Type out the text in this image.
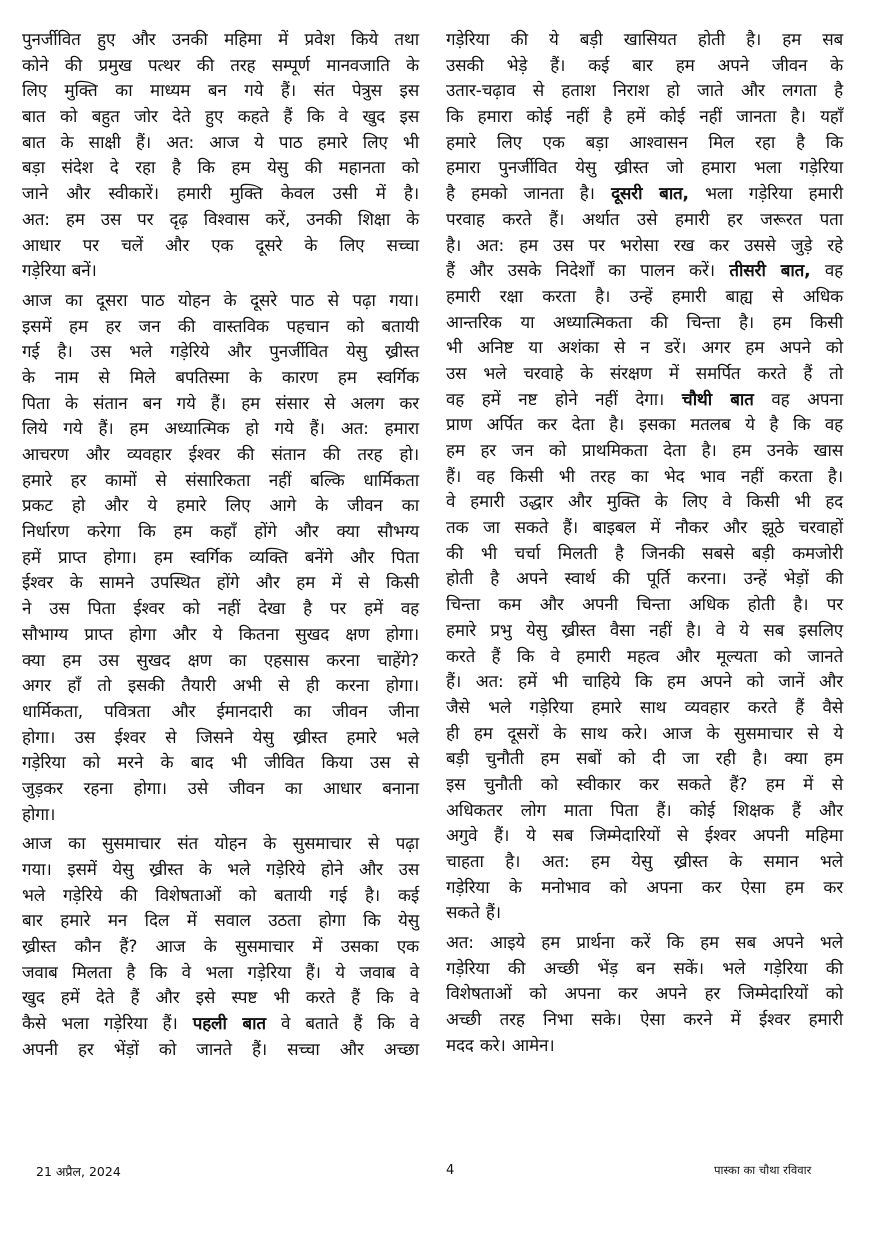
पुनर्जीवित हुए और उनकी महिमा में प्रवेश किये तथा
कोने की प्रमुख पत्थर की तरह सम्पूर्ण मानवजाति के
लिए मुक्ति का माध्यम बन गये हैं। संत पेत्रुस इस
बात को बहुत जोर देते हुए कहते हैं कि वे खुद इस
बात के साक्षी हैं। अत: आज ये पाठ हमारे लिए भी
बड़ा संदेश दे रहा है कि हम येसु की महानता को
जाने और स्वीकारें। हमारी मुक्ति केवल उसी में है।
अत: हम उस पर दृढ़ विश्वास करें, उनकी शिक्षा के
आधार पर चलें और एक दूसरे के लिए सच्चा
गड़ेरिया बनें।
आज का दूसरा पाठ योहन के दूसरे पाठ से पढ़ा गया।
इसमें हम हर जन की वास्तविक पहचान को बतायी
गई है। उस भले गड़ेरिये और पुनर्जीवित येसु ख्रीस्त
के नाम से मिले बपतिस्मा के कारण हम स्वर्गिक
पिता के संतान बन गये हैं। हम संसार से अलग कर
लिये गये हैं। हम अध्यात्मिक हो गये हैं। अत: हमारा
आचरण और व्यवहार ईश्वर की संतान की तरह हो।
हमारे हर कामों से संसारिकता नहीं बल्कि धार्मिकता
प्रकट हो और ये हमारे लिए आगे के जीवन का
निर्धारण करेगा कि हम कहाँ होंगे और क्या सौभग्य
हमें प्राप्त होगा। हम स्वर्गिक व्यक्ति बनेंगे और पिता
ईश्वर के सामने उपस्थित होंगे और हम में से किसी
ने उस पिता ईश्वर को नहीं देखा है पर हमें वह
सौभाग्य प्राप्त होगा और ये कितना सुखद क्षण होगा।
क्या हम उस सुखद क्षण का एहसास करना चाहेंगे?
अगर हाँ तो इसकी तैयारी अभी से ही करना होगा।
धार्मिकता, पवित्रता और ईमानदारी का जीवन जीना
होगा। उस ईश्वर से जिसने येसु ख्रीस्त हमारे भले
गड़ेरिया को मरने के बाद भी जीवित किया उस से
जुड़कर रहना होगा। उसे जीवन का आधार बनाना
होगा।
आज का सुसमाचार संत योहन के सुसमाचार से पढ़ा
गया। इसमें येसु ख्रीस्त के भले गड़ेरिये होने और उस
भले गड़ेरिये की विशेषताओं को बतायी गई है। कई
बार हमारे मन दिल में सवाल उठता होगा कि येसु
ख्रीस्त कौन हैं? आज के सुसमाचार में उसका एक
जवाब मिलता है कि वे भला गड़ेरिया हैं। ये जवाब वे
खुद हमें देते हैं और इसे स्पष्ट भी करते हैं कि वे
कैसे भला गड़ेरिया हैं। पहली बात वे बताते हैं कि वे
अपनी हर भेंड़ों को जानते हैं। सच्चा और अच्छा
गड़ेरिया की ये बड़ी खासियत होती है। हम सब
उसकी भेड़े हैं। कई बार हम अपने जीवन के
उतार-चढ़ाव से हताश निराश हो जाते और लगता है
कि हमारा कोई नहीं है हमें कोई नहीं जानता है। यहाँ
हमारे लिए एक बड़ा आश्वासन मिल रहा है कि
हमारा पुनर्जीवित येसु ख्रीस्त जो हमारा भला गड़ेरिया
है हमको जानता है। दूसरी बात, भला गड़ेरिया हमारी
परवाह करते हैं। अर्थात उसे हमारी हर जरूरत पता
है। अत: हम उस पर भरोसा रख कर उससे जुड़े रहे
हैं और उसके निदेर्शों का पालन करें। तीसरी बात, वह
हमारी रक्षा करता है। उन्हें हमारी बाह्य से अधिक
आन्तरिक या अध्यात्मिकता की चिन्ता है। हम किसी
भी अनिष्ट या अशंका से न डरें। अगर हम अपने को
उस भले चरवाहे के संरक्षण में समर्पित करते हैं तो
वह हमें नष्ट होने नहीं देगा। चौथी बात वह अपना
प्राण अर्पित कर देता है। इसका मतलब ये है कि वह
हम हर जन को प्राथमिकता देता है। हम उनके खास
हैं। वह किसी भी तरह का भेद भाव नहीं करता है।
वे हमारी उद्धार और मुक्ति के लिए वे किसी भी हद
तक जा सकते हैं। बाइबल में नौकर और झूठे चरवाहों
की भी चर्चा मिलती है जिनकी सबसे बड़ी कमजोरी
होती है अपने स्वार्थ की पूर्ति करना। उन्हें भेड़ों की
चिन्ता कम और अपनी चिन्ता अधिक होती है। पर
हमारे प्रभु येसु ख्रीस्त वैसा नहीं है। वे ये सब इसलिए
करते हैं कि वे हमारी महत्व और मूल्यता को जानते
हैं। अत: हमें भी चाहिये कि हम अपने को जानें और
जैसे भले गड़ेरिया हमारे साथ व्यवहार करते हैं वैसे
ही हम दूसरों के साथ करे। आज के सुसमाचार से ये
बड़ी चुनौती हम सबों को दी जा रही है। क्या हम
इस चुनौती को स्वीकार कर सकते हैं? हम में से
अधिकतर लोग माता पिता हैं। कोई शिक्षक हैं और
अगुवे हैं। ये सब जिम्मेदारियों से ईश्वर अपनी महिमा
चाहता है। अत: हम येसु ख्रीस्त के समान भले
गड़ेरिया के मनोभाव को अपना कर ऐसा हम कर
सकते हैं।
अत: आइये हम प्रार्थना करें कि हम सब अपने भले
गड़ेरिया की अच्छी भेंड़ बन सकें। भले गड़ेरिया की
विशेषताओं को अपना कर अपने हर जिम्मेदारियों को
अच्छी तरह निभा सके। ऐसा करने में ईश्वर हमारी
मदद करे। आमेन।
21 अप्रैल, 2024	4	पास्का का चौथा रविवार
